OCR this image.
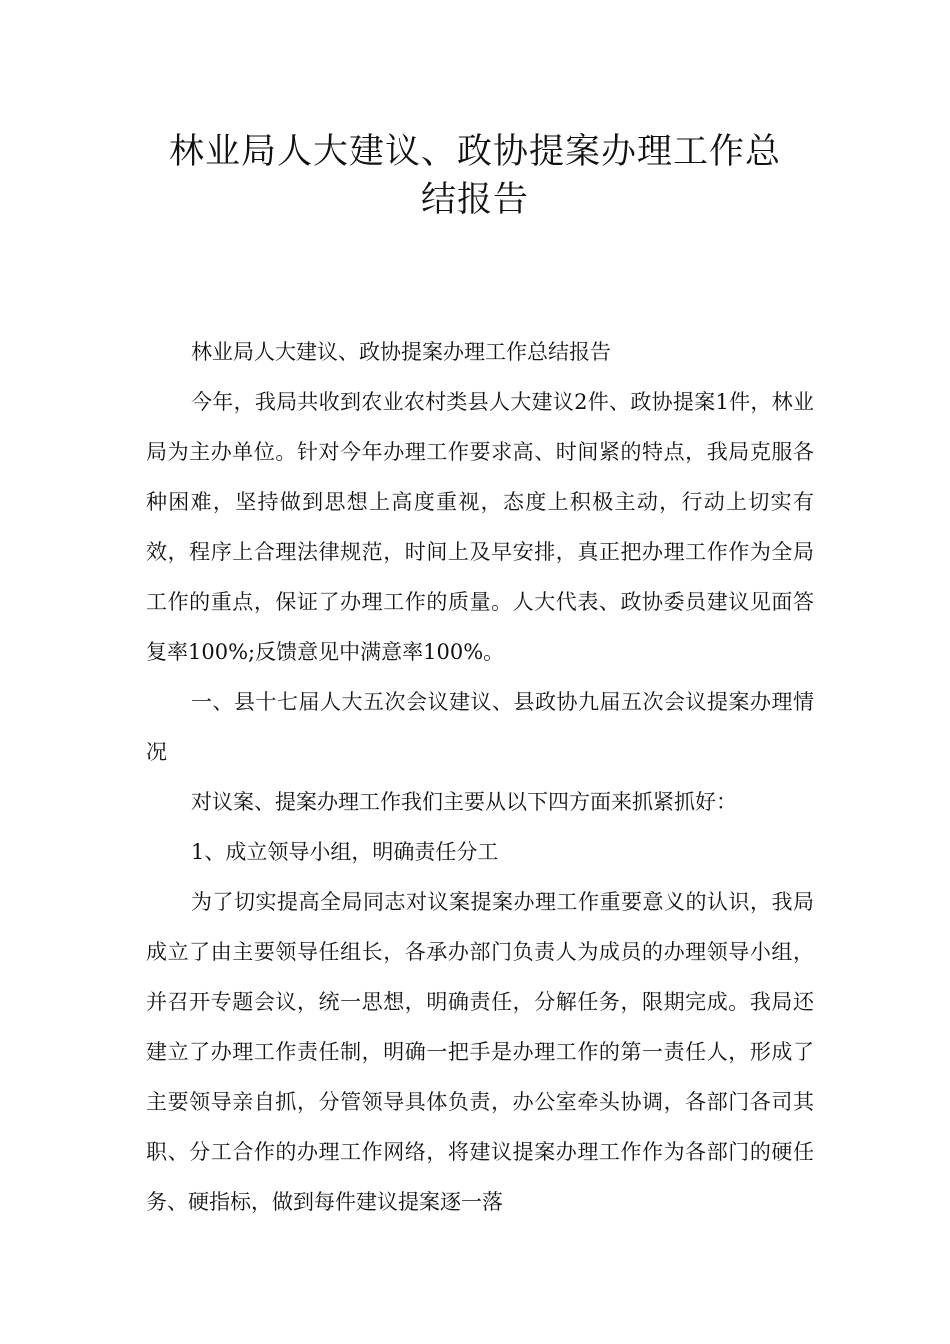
林业局人大建议、政协提案办理工作总
结报告

林业局人大建议、政协提案办理工作总结报告

今年，我局共收到农业农村类县人大建议2件、政协提案1件，林业局为主办单位。针对今年办理工作要求高、时间紧的特点，我局克服各种困难，坚持做到思想上高度重视，态度上积极主动，行动上切实有效，程序上合理法律规范，时间上及早安排，真正把办理工作作为全局工作的重点，保证了办理工作的质量。人大代表、政协委员建议见面答复率100%;反馈意见中满意率100%。

一、县十七届人大五次会议建议、县政协九届五次会议提案办理情况

对议案、提案办理工作我们主要从以下四方面来抓紧抓好：

1、成立领导小组，明确责任分工

为了切实提高全局同志对议案提案办理工作重要意义的认识，我局成立了由主要领导任组长，各承办部门负责人为成员的办理领导小组，并召开专题会议，统一思想，明确责任，分解任务，限期完成。我局还建立了办理工作责任制，明确一把手是办理工作的第一责任人，形成了主要领导亲自抓，分管领导具体负责，办公室牵头协调，各部门各司其职、分工合作的办理工作网络，将建议提案办理工作作为各部门的硬任务、硬指标，做到每件建议提案逐一落
